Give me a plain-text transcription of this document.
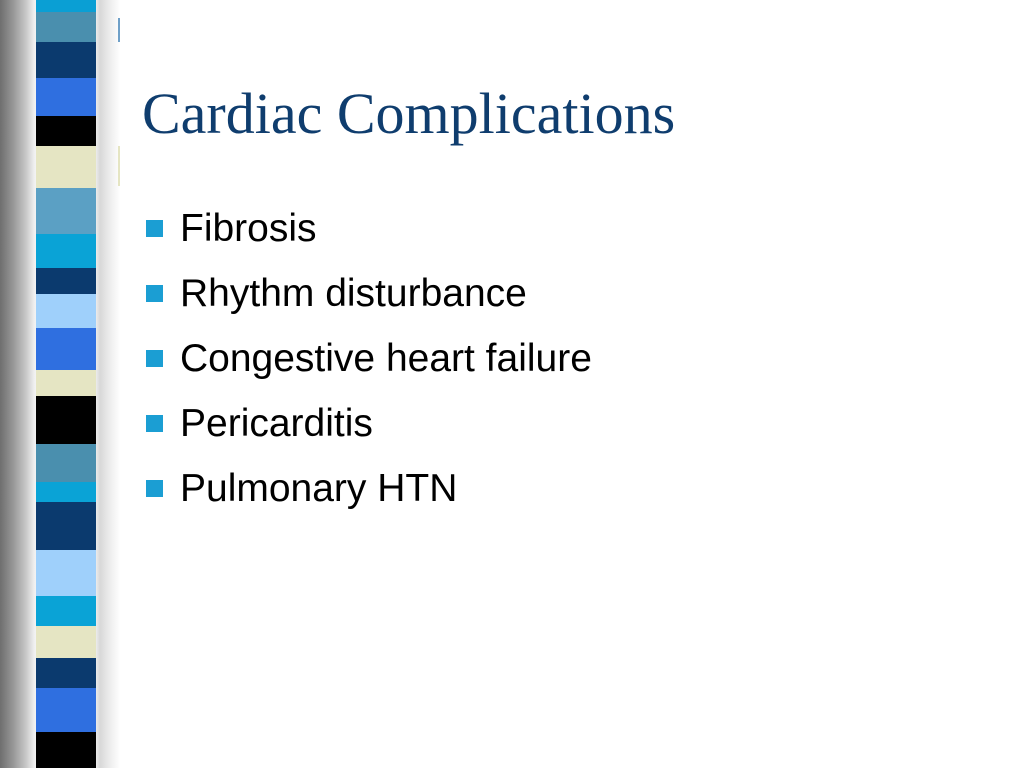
Cardiac Complications
Fibrosis
Rhythm disturbance
Congestive heart failure
Pericarditis
Pulmonary HTN
